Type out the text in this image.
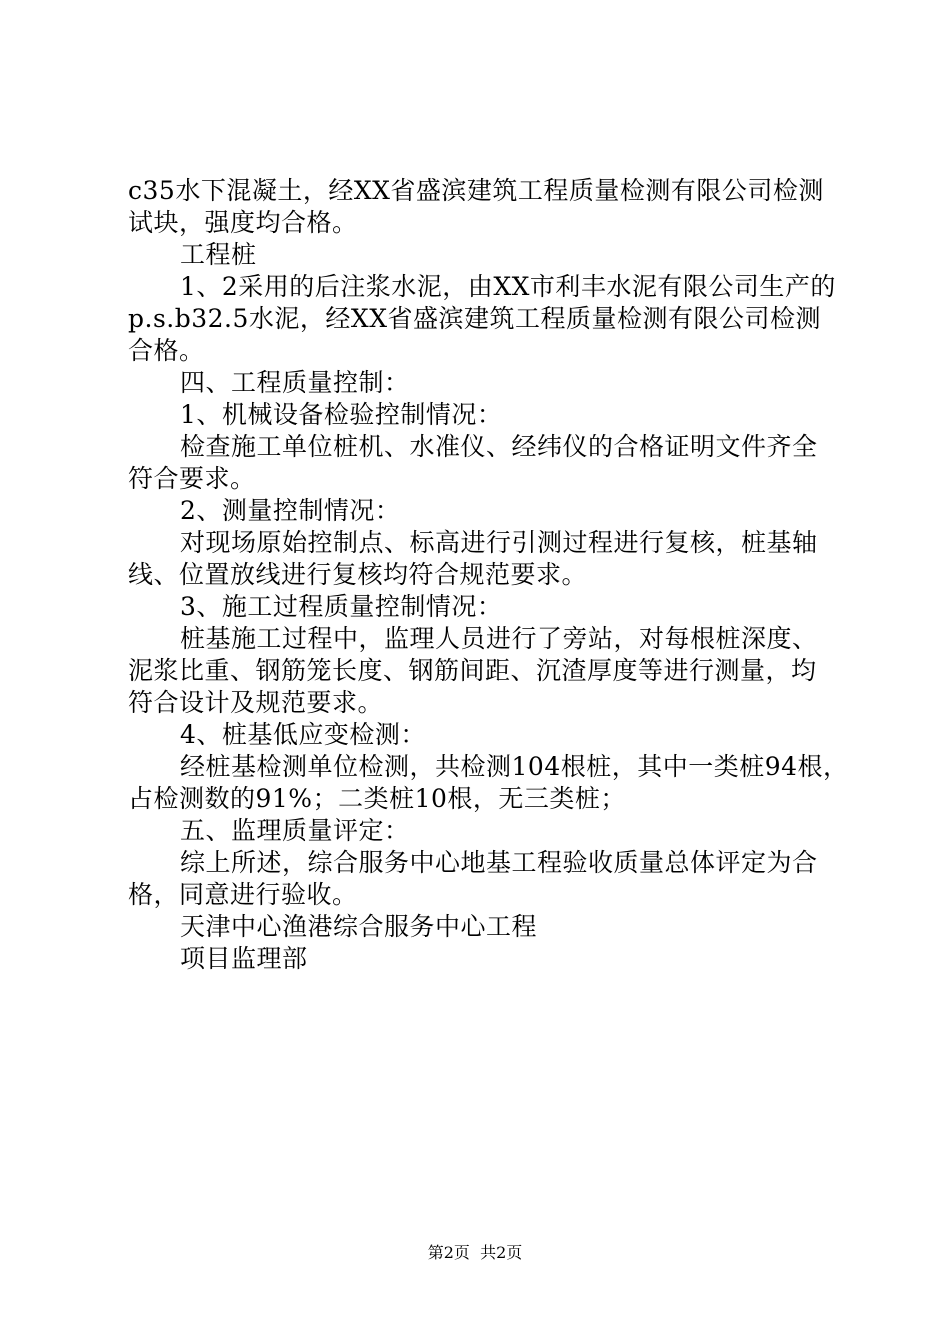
c35水下混凝土，经XX省盛滨建筑工程质量检测有限公司检测
试块，强度均合格。
工程桩
1、2采用的后注浆水泥，由XX市利丰水泥有限公司生产的
p.s.b32.5水泥，经XX省盛滨建筑工程质量检测有限公司检测
合格。
四、工程质量控制：
1、机械设备检验控制情况：
检查施工单位桩机、水准仪、经纬仪的合格证明文件齐全
符合要求。
2、测量控制情况：
对现场原始控制点、标高进行引测过程进行复核，桩基轴
线、位置放线进行复核均符合规范要求。
3、施工过程质量控制情况：
桩基施工过程中，监理人员进行了旁站，对每根桩深度、
泥浆比重、钢筋笼长度、钢筋间距、沉渣厚度等进行测量，均
符合设计及规范要求。
4、桩基低应变检测：
经桩基检测单位检测，共检测104根桩，其中一类桩94根，
占检测数的91%；二类桩10根，无三类桩；
五、监理质量评定：
综上所述，综合服务中心地基工程验收质量总体评定为合
格，同意进行验收。
天津中心渔港综合服务中心工程
项目监理部
第2页  共2页
